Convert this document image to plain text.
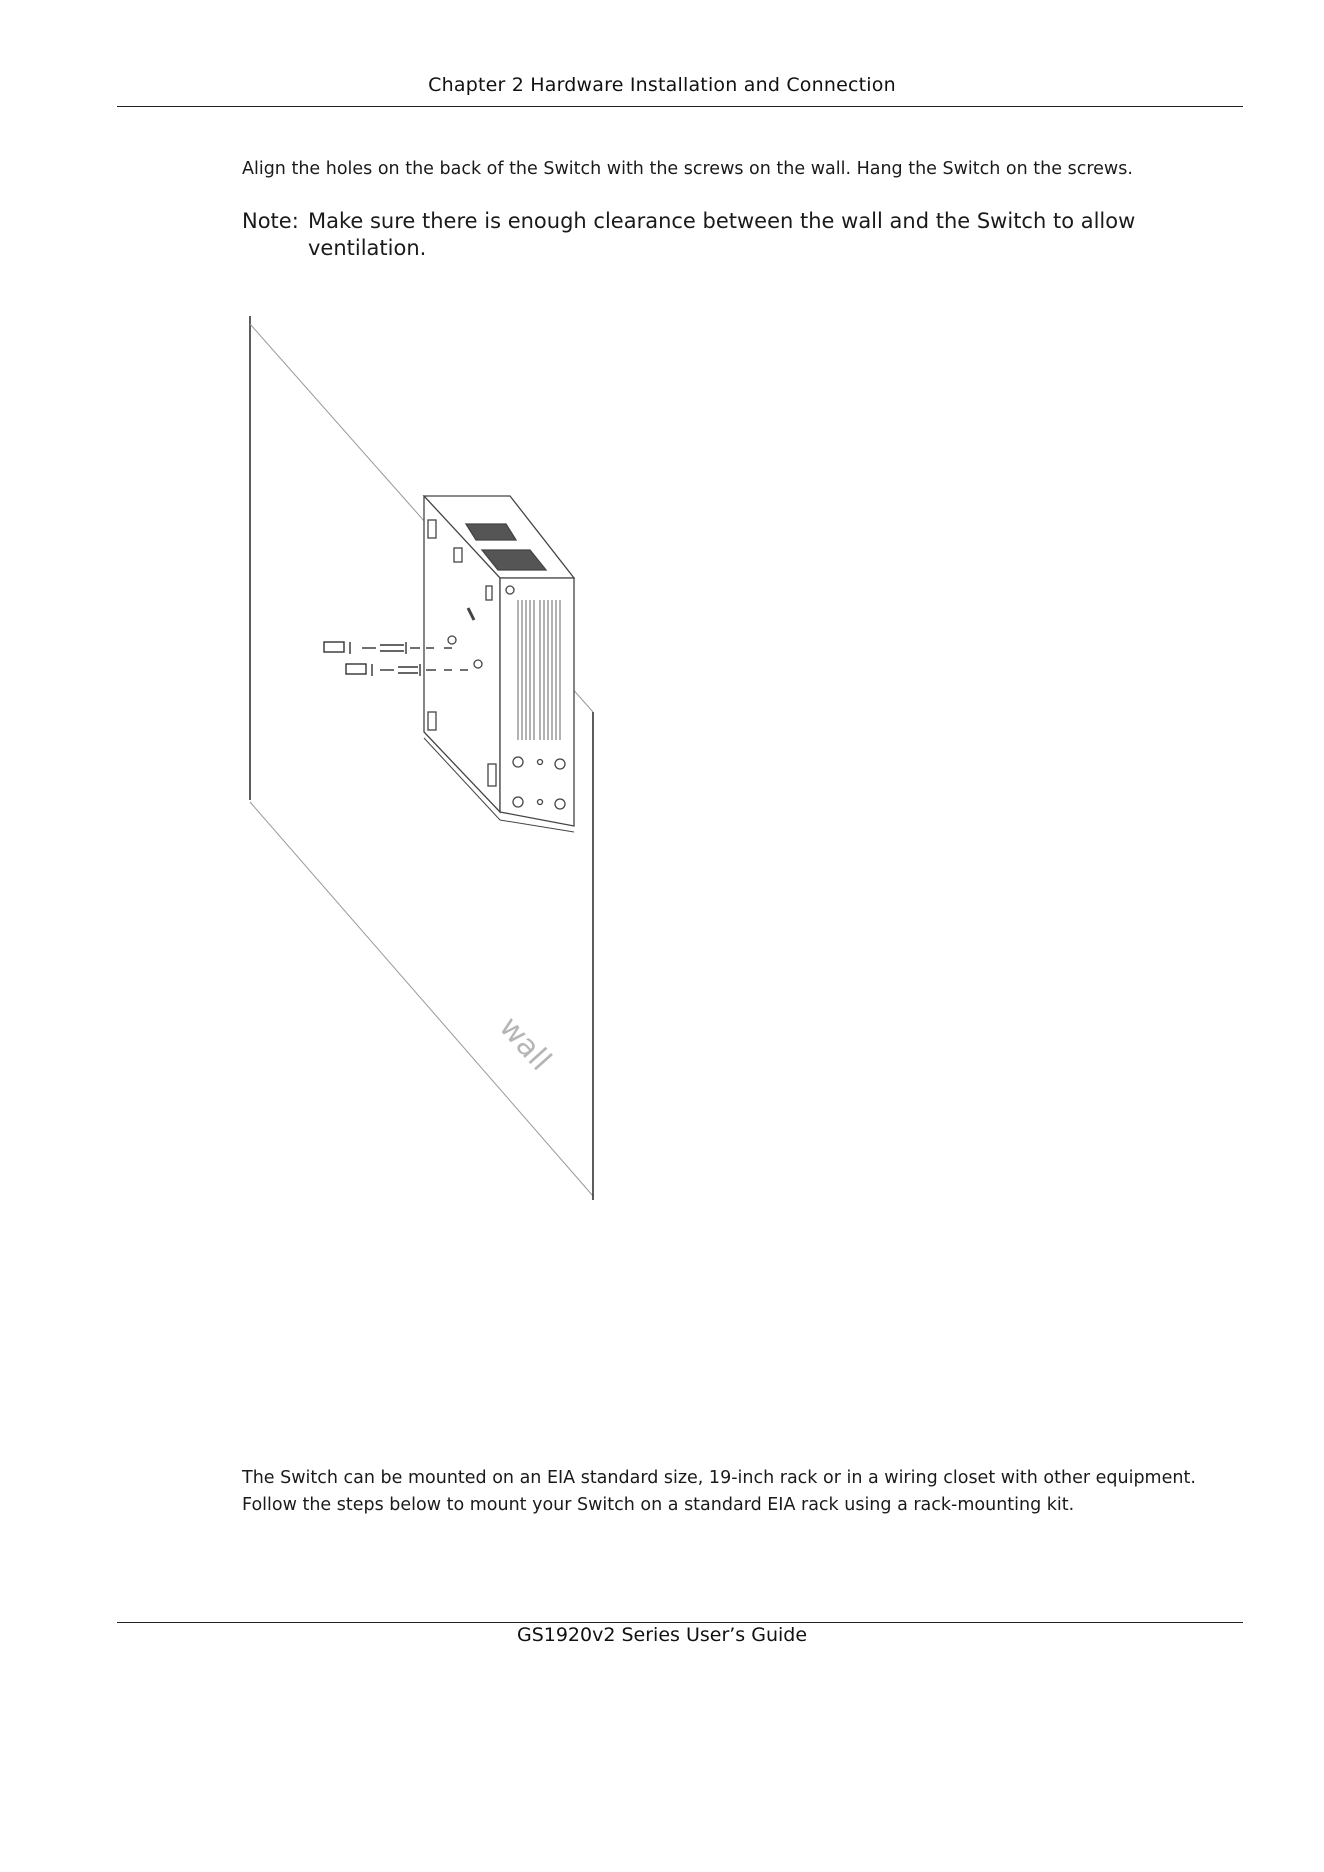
Chapter 2 Hardware Installation and Connection
Align the holes on the back of the Switch with the screws on the wall. Hang the Switch on the screws.
Note: Make sure there is enough clearance between the wall and the Switch to allow
ventilation.
wall
The Switch can be mounted on an EIA standard size, 19-inch rack or in a wiring closet with other equipment. Follow the steps below to mount your Switch on a standard EIA rack using a rack-mounting kit.
GS1920v2 Series User’s Guide
